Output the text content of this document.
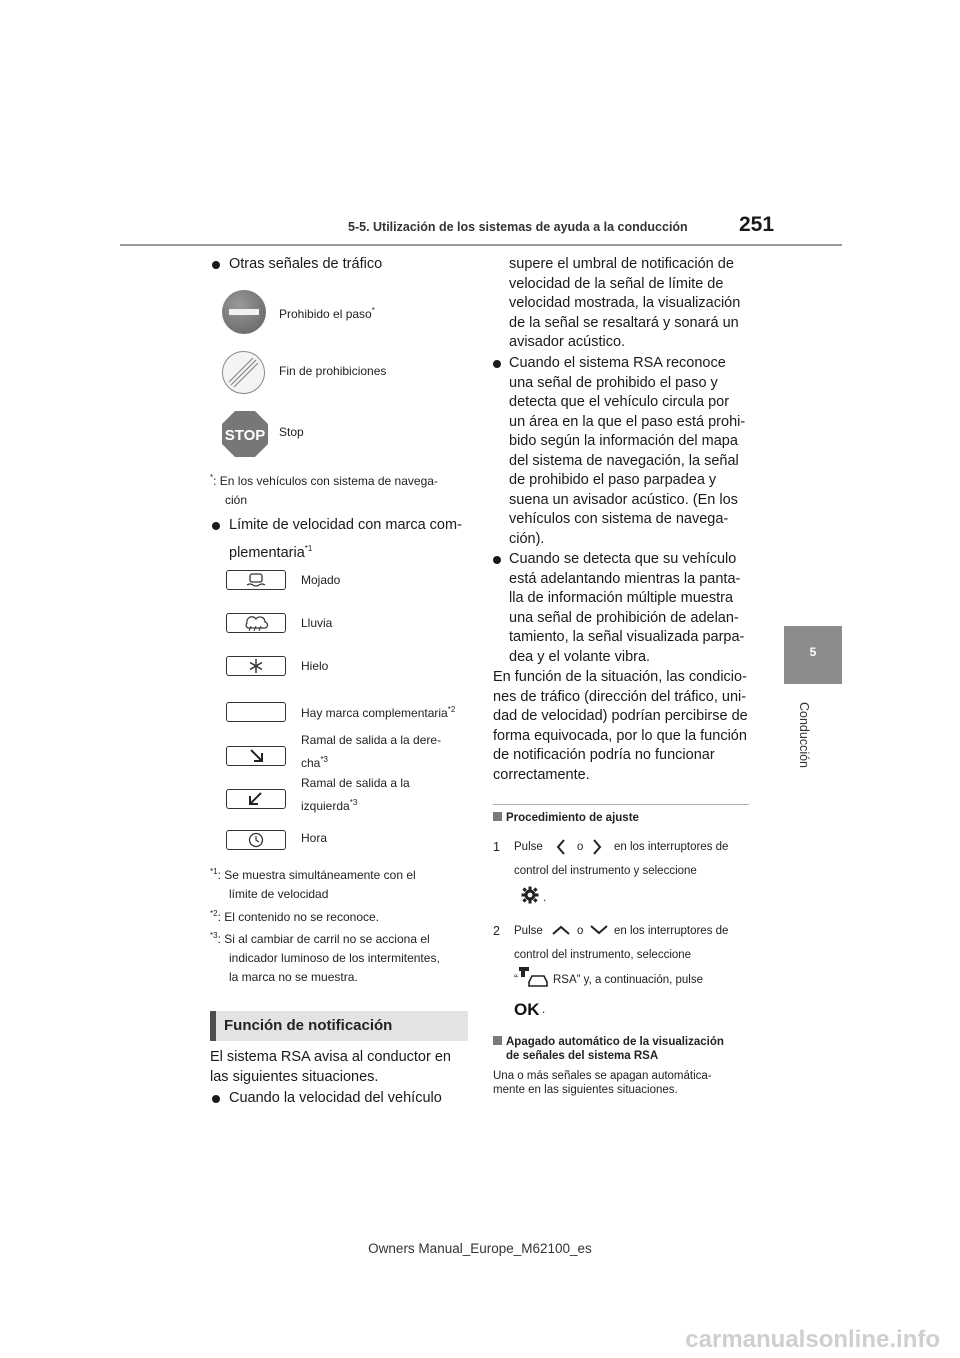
5-5. Utilización de los sistemas de ayuda a la conducción 251
5
Conducción
Otras señales de tráfico
Prohibido el paso*
Fin de prohibiciones
STOP Stop
*: En los vehículos con sistema de navega-
ción
Límite de velocidad con marca com-
plementaria$^{*1}$
Mojado
Lluvia
Hielo
Hay marca complementaria$^{*2}$
Ramal de salida a la dere-
cha$^{*3}$
Ramal de salida a la
izquierda$^{*3}$
Hora
$^{*1}$: Se muestra simultáneamente con el
límite de velocidad
$^{*2}$: El contenido no se reconoce.
$^{*3}$: Si al cambiar de carril no se acciona el
indicador luminoso de los intermitentes,
la marca no se muestra.
Función de notificación
El sistema RSA avisa al conductor en
las siguientes situaciones.
Cuando la velocidad del vehículo
supere el umbral de notificación de
velocidad de la señal de límite de
velocidad mostrada, la visualización
de la señal se resaltará y sonará un
avisador acústico.
Cuando el sistema RSA reconoce
una señal de prohibido el paso y
detecta que el vehículo circula por
un área en la que el paso está prohi-
bido según la información del mapa
del sistema de navegación, la señal
de prohibido el paso parpadea y
suena un avisador acústico. (En los
vehículos con sistema de navega-
ción).
Cuando se detecta que su vehículo
está adelantando mientras la panta-
lla de información múltiple muestra
una señal de prohibición de adelan-
tamiento, la señal visualizada parpa-
dea y el volante vibra.
En función de la situación, las condicio-
nes de tráfico (dirección del tráfico, uni-
dad de velocidad) podrían percibirse de
forma equivocada, por lo que la función
de notificación podría no funcionar
correctamente.
Procedimiento de ajuste
1 Pulse	o	en los interruptores de
control del instrumento y seleccione
.
2 Pulse	o	en los interruptores de
control del instrumento, seleccione
“	RSA” y, a continuación, pulse
OK .
Apagado automático de la visualización
de señales del sistema RSA
Una o más señales se apagan automática-
mente en las siguientes situaciones.
Owners Manual_Europe_M62100_es
carmanualsonline.info
